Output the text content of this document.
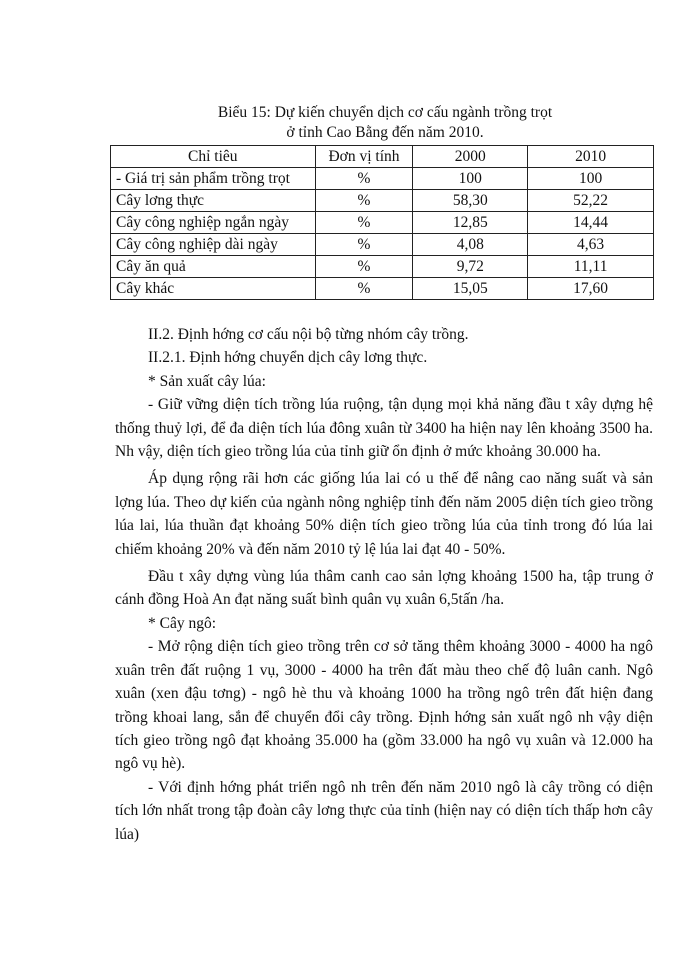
Biểu 15: Dự kiến chuyển dịch cơ cấu ngành trồng trọt
ở tỉnh Cao Bằng đến năm 2010.
Chỉ tiêu	Đơn vị tính	2000	2010
- Giá trị sản phẩm trồng trọt	%	100	100
Cây lơng thực	%	58,30	52,22
Cây công nghiệp ngắn ngày	%	12,85	14,44
Cây công nghiệp dài ngày	%	4,08	4,63
Cây ăn quả	%	9,72	11,11
Cây khác	%	15,05	17,60

II.2. Định hớng cơ cấu nội bộ từng nhóm cây trồng.

II.2.1. Định hớng chuyển dịch cây lơng thực.

* Sản xuất cây lúa:

- Giữ vững diện tích trồng lúa ruộng, tận dụng mọi khả năng đầu t xây dựng hệ thống thuỷ lợi, để đa diện tích lúa đông xuân từ 3400 ha hiện nay lên khoảng 3500 ha. Nh vậy, diện tích gieo trồng lúa của tỉnh giữ ổn định ở mức khoảng 30.000 ha.

Áp dụng rộng rãi hơn các giống lúa lai có u thế để nâng cao năng suất và sản lợng lúa. Theo dự kiến của ngành nông nghiệp tỉnh đến năm 2005 diện tích gieo trồng lúa lai, lúa thuần đạt khoảng 50% diện tích gieo trồng lúa của tỉnh trong đó lúa lai chiếm khoảng 20% và đến năm 2010 tỷ lệ lúa lai đạt 40 - 50%.

Đầu t xây dựng vùng lúa thâm canh cao sản lợng khoảng 1500 ha, tập trung ở cánh đồng Hoà An đạt năng suất bình quân vụ xuân 6,5tấn /ha.

* Cây ngô:

- Mở rộng diện tích gieo trồng trên cơ sở tăng thêm khoảng 3000 - 4000 ha ngô xuân trên đất ruộng 1 vụ, 3000 - 4000 ha trên đất màu theo chế độ luân canh. Ngô xuân (xen đậu tơng) - ngô hè thu và khoảng 1000 ha trồng ngô trên đất hiện đang trồng khoai lang, sắn để chuyển đổi cây trồng. Định hớng sản xuất ngô nh vậy diện tích gieo trồng ngô đạt khoảng 35.000 ha (gồm 33.000 ha ngô vụ xuân và 12.000 ha ngô vụ hè).

- Với định hớng phát triển ngô nh trên đến năm 2010 ngô là cây trồng có diện tích lớn nhất trong tập đoàn cây lơng thực của tỉnh (hiện nay có diện tích thấp hơn cây lúa)
